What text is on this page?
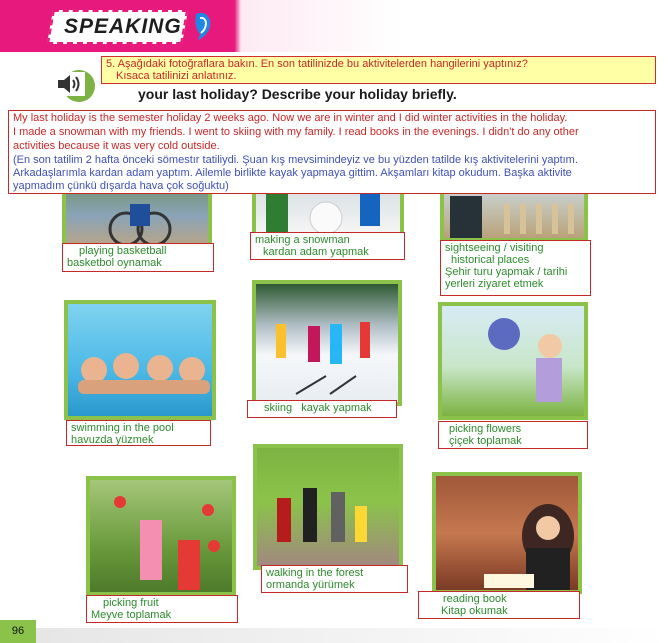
SPEAKING
5. Aşağıdaki fotoğraflara bakın. En son tatilinizde bu aktivitelerden hangilerini yaptınız?
Kısaca tatilinizi anlatınız.
your last holiday? Describe your holiday briefly.
My last holiday is the semester holiday 2 weeks ago. Now we are in winter and I did winter activities in the holiday.
I made a snowman with my friends. I went to skiing with my family. I read books in the evenings. I didn't do any other
activities because it was very cold outside.
(En son tatilim 2 hafta önceki sömestır tatiliydi. Şuan kış mevsimindeyiz ve bu yüzden tatilde kış aktivitelerini yaptım.
Arkadaşlarımla kardan adam yaptım. Ailemle birlikte kayak yapmaya gittim. Akşamları kitap okudum. Başka aktivite
yapmadım çünkü dışarda hava çok soğuktu)
playing basketball
basketbol oynamak
making a snowman
kardan adam yapmak	sightseeing / visiting
historical places
Şehir turu yapmak / tarihi
yerleri ziyaret etmek
swimming in the pool
havuzda yüzmek
skiing kayak yapmak
picking flowers
çiçek toplamak
picking fruit
Meyve toplamak
walking in the forest
ormanda yürümek
reading book
Kitap okumak
96
